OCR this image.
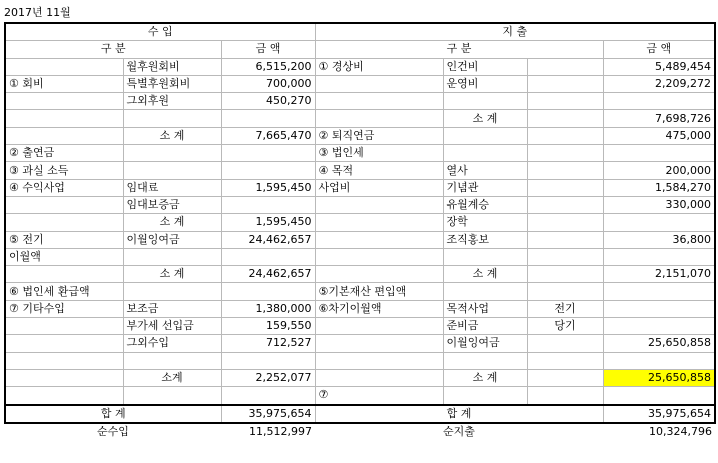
2017년 11월
수 입			지 출			
구 분		금 액	구 분			금 액
	월후원회비	6,515,200	① 경상비	인건비		5,489,454
① 회비	특별후원회비	700,000		운영비		2,209,272
	그외후원	450,270				
				소 계		7,698,726
	소 계	7,665,470	② 퇴직연금			475,000
② 출연금			③ 법인세			
③ 과실 소득			④ 목적	열사		200,000
④ 수익사업	임대료	1,595,450	사업비	기념관		1,584,270
	임대보증금			유월계승		330,000
	소 계	1,595,450		장학		
⑤ 전기	이월잉여금	24,462,657		조직홍보		36,800
이월액						
	소 계	24,462,657		소 계		2,151,070
⑥ 법인세 환급액			⑤기본재산 편입액			
⑦ 기타수입	보조금	1,380,000	⑥차기이월액	목적사업	전기	
	부가세 선입금	159,550		준비금	당기	
	그외수입	712,527		이월잉여금		25,650,858

	소계	2,252,077		소 계		25,650,858
			⑦			
합 계		35,975,654	합 계			35,975,654
순수입		11,512,997	순지출			10,324,796
